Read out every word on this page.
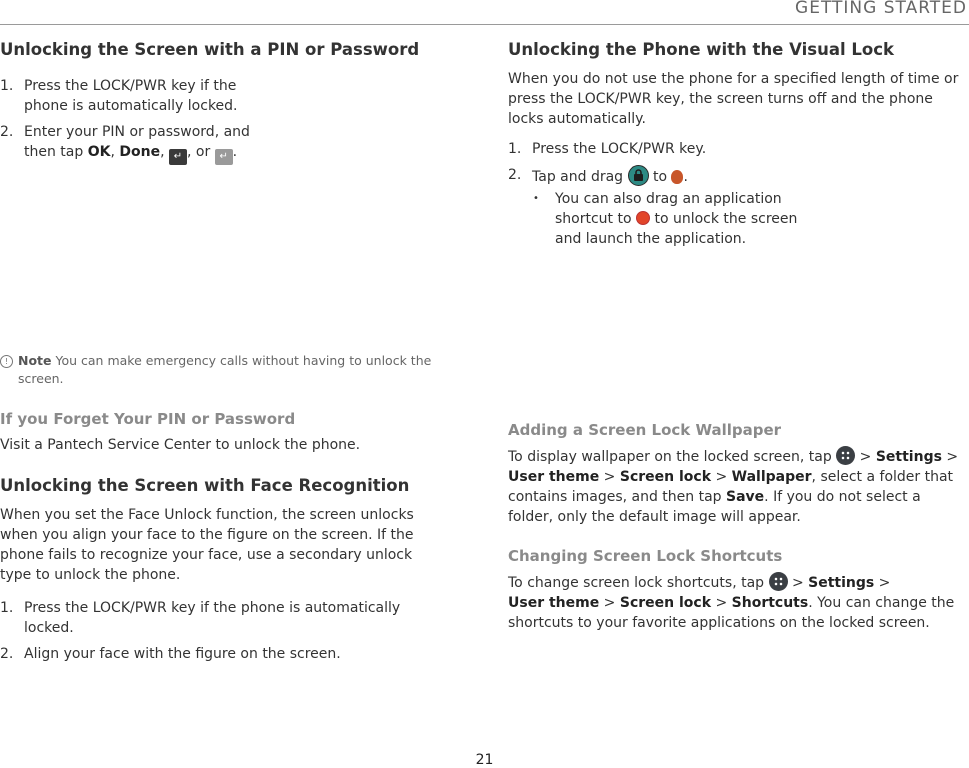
GETTING STARTED
Unlocking the Screen with a PIN or Password
1. Press the LOCK/PWR key if the phone is automatically locked.
2. Enter your PIN or password, and then tap OK, Done, ↵ , or ↵ .
! Note You can make emergency calls without having to unlock the screen.
If you Forget Your PIN or Password

Visit a Pantech Service Center to unlock the phone.

Unlocking the Screen with Face Recognition

When you set the Face Unlock function, the screen unlocks when you align your face to the figure on the screen. If the phone fails to recognize your face, use a secondary unlock type to unlock the phone.

1. Press the LOCK/PWR key if the phone is automatically locked.
2. Align your face with the figure on the screen.
Unlocking the Phone with the Visual Lock

When you do not use the phone for a specified length of time or press the LOCK/PWR key, the screen turns off and the phone locks automatically.

1. Press the LOCK/PWR key.
2. Tap and drag
to .
• You can also drag an application shortcut to  to unlock the screen and launch the application.
Adding a Screen Lock Wallpaper

To display wallpaper on the locked screen, tap
> Settings > User theme > Screen lock > Wallpaper, select a folder that contains images, and then tap Save. If you do not select a folder, only the default image will appear.

Changing Screen Lock Shortcuts

To change screen lock shortcuts, tap
> Settings >
User theme > Screen lock > Shortcuts. You can change the shortcuts to your favorite applications on the locked screen.

21
